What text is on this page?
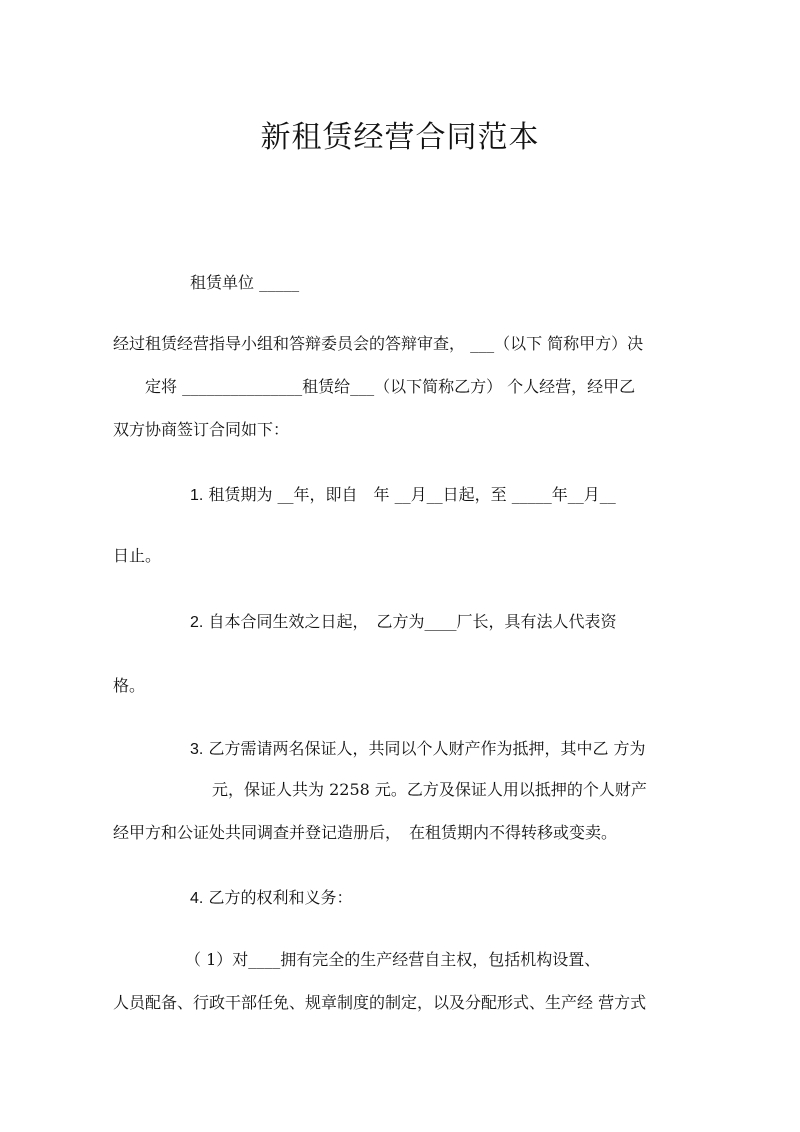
新租赁经营合同范本
租赁单位 _____
经过租赁经营指导小组和答辩委员会的答辩审查， ___（以下 简称甲方）决
定将 _______________租赁给___（以下简称乙方） 个人经营，经甲乙
双方协商签订合同如下：
1. 租赁期为 __年，即自　年 __月__日起，至 _____年__月__
日止。
2. 自本合同生效之日起，　乙方为____厂长，具有法人代表资
格。
3. 乙方需请两名保证人，共同以个人财产作为抵押，其中乙 方为
元，保证人共为 2258 元。乙方及保证人用以抵押的个人财产
经甲方和公证处共同调查并登记造册后，　在租赁期内不得转移或变卖。
4. 乙方的权利和义务：
（ 1）对____拥有完全的生产经营自主权，包括机构设置、
人员配备、行政干部任免、规章制度的制定，以及分配形式、生产经 营方式
